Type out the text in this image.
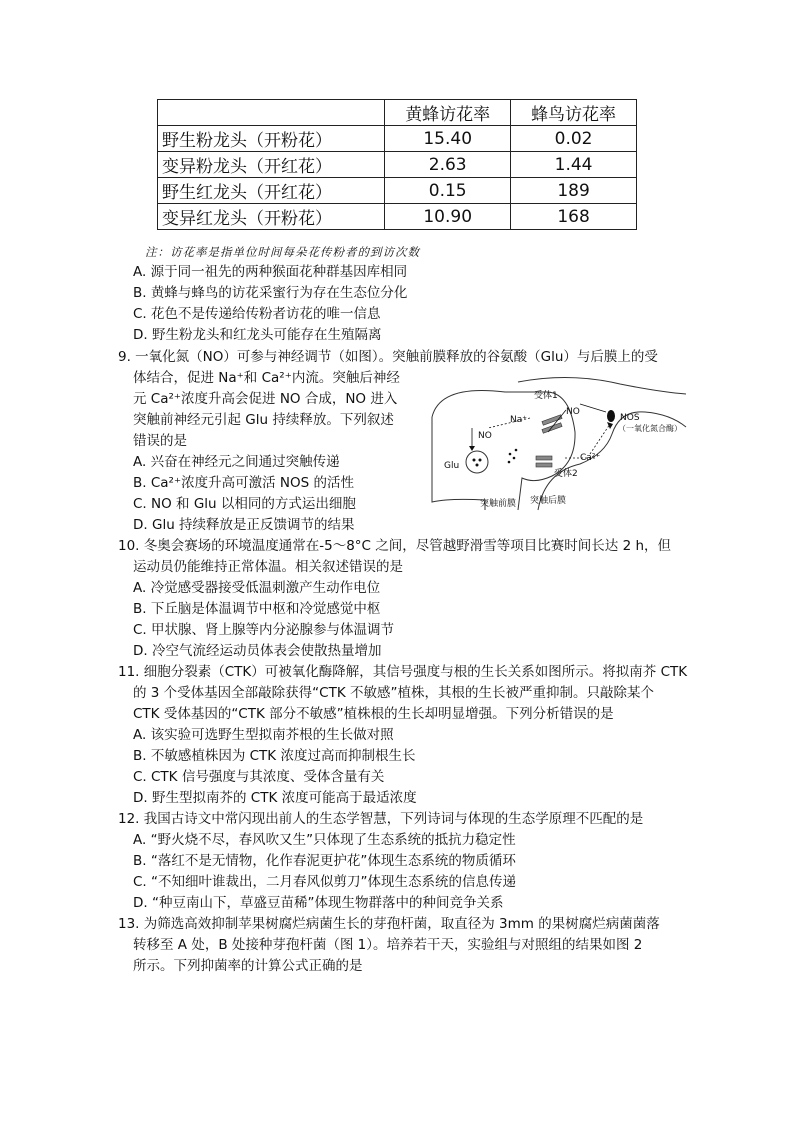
	黄蜂访花率	蜂鸟访花率
野生粉龙头（开粉花）	15.40	0.02
变异粉龙头（开红花）	2.63	1.44
野生红龙头（开红花）	0.15	189
变异红龙头（开粉花）	10.90	168
注：访花率是指单位时间每朵花传粉者的到访次数
A. 源于同一祖先的两种猴面花种群基因库相同
B. 黄蜂与蜂鸟的访花采蜜行为存在生态位分化
C. 花色不是传递给传粉者访花的唯一信息
D. 野生粉龙头和红龙头可能存在生殖隔离
9. 一氧化氮（NO）可参与神经调节（如图）。突触前膜释放的谷氨酸（Glu）与后膜上的受
体结合，促进 Na⁺和 Ca²⁺内流。突触后神经
元 Ca²⁺浓度升高会促进 NO 合成，NO 进入
突触前神经元引起 Glu 持续释放。下列叙述
错误的是
A. 兴奋在神经元之间通过突触传递
B. Ca²⁺浓度升高可激活 NOS 的活性
C. NO 和 Glu 以相同的方式运出细胞
D. Glu 持续释放是正反馈调节的结果
NO
Glu
Na⁺
受体1
NO
NOS
（一氧化氮合酶）
Ca²⁺
受体2
突触前膜 突触后膜
10. 冬奥会赛场的环境温度通常在-5～8°C 之间，尽管越野滑雪等项目比赛时间长达 2 h，但
运动员仍能维持正常体温。相关叙述错误的是
A. 冷觉感受器接受低温刺激产生动作电位
B. 下丘脑是体温调节中枢和冷觉感觉中枢
C. 甲状腺、肾上腺等内分泌腺参与体温调节
D. 冷空气流经运动员体表会使散热量增加
11. 细胞分裂素（CTK）可被氧化酶降解，其信号强度与根的生长关系如图所示。将拟南芥 CTK
的 3 个受体基因全部敲除获得“CTK 不敏感”植株，其根的生长被严重抑制。只敲除某个
CTK 受体基因的“CTK 部分不敏感”植株根的生长却明显增强。下列分析错误的是
A. 该实验可选野生型拟南芥根的生长做对照
B. 不敏感植株因为 CTK 浓度过高而抑制根生长
C. CTK 信号强度与其浓度、受体含量有关
D. 野生型拟南芥的 CTK 浓度可能高于最适浓度
12. 我国古诗文中常闪现出前人的生态学智慧，下列诗词与体现的生态学原理不匹配的是
A. “野火烧不尽，春风吹又生”只体现了生态系统的抵抗力稳定性
B. “落红不是无情物，化作春泥更护花”体现生态系统的物质循环
C. “不知细叶谁裁出，二月春风似剪刀”体现生态系统的信息传递
D. “种豆南山下，草盛豆苗稀”体现生物群落中的种间竞争关系
13. 为筛选高效抑制苹果树腐烂病菌生长的芽孢杆菌，取直径为 3mm 的果树腐烂病菌菌落
转移至 A 处，B 处接种芽孢杆菌（图 1）。培养若干天，实验组与对照组的结果如图 2
所示。下列抑菌率的计算公式正确的是
